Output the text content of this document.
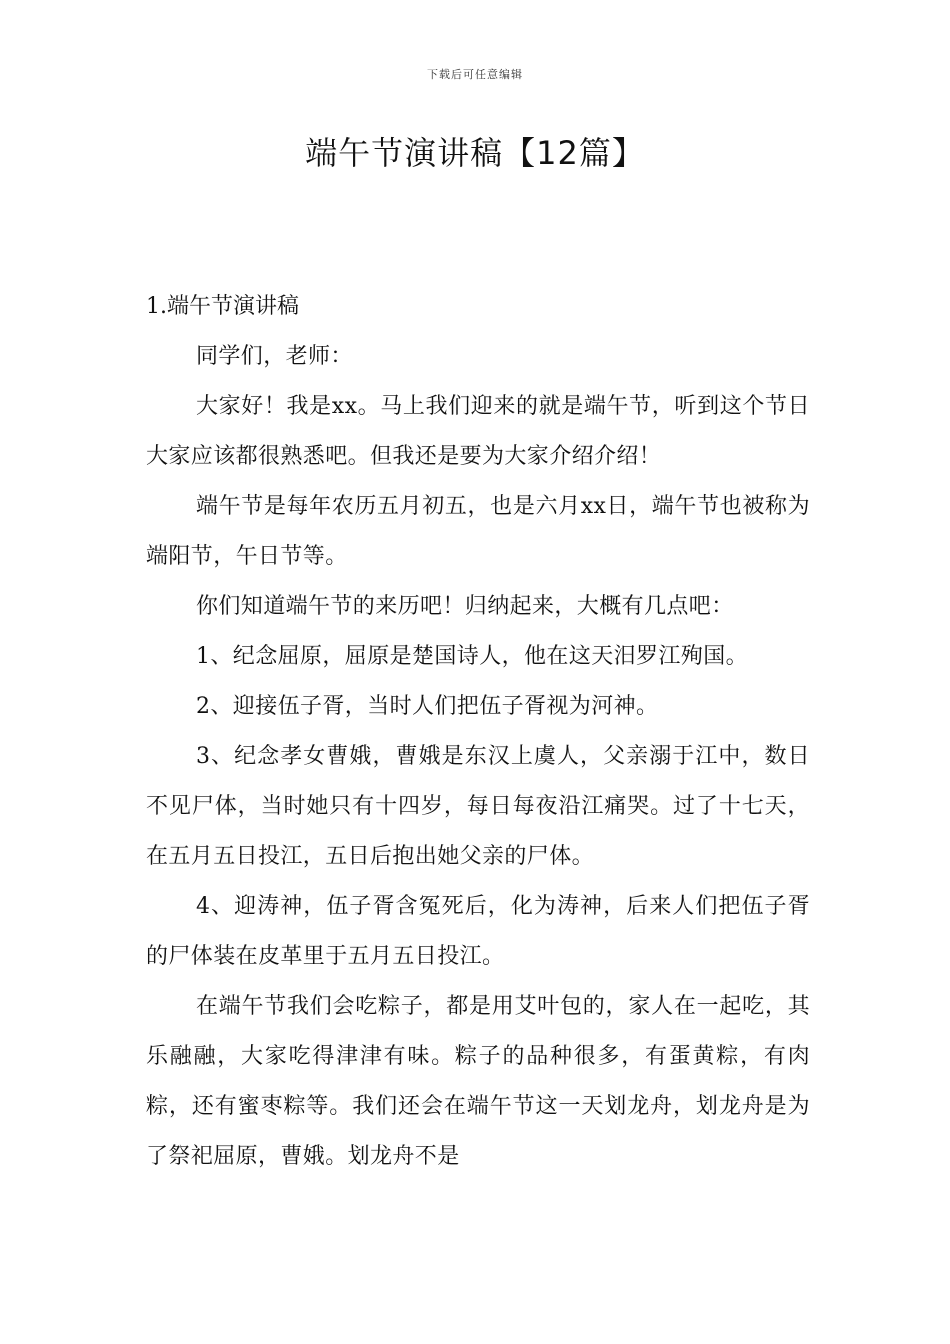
下载后可任意编辑
端午节演讲稿【12篇】

1.端午节演讲稿

同学们，老师：

大家好！我是xx。马上我们迎来的就是端午节，听到这个节日大家应该都很熟悉吧。但我还是要为大家介绍介绍！

端午节是每年农历五月初五，也是六月xx日，端午节也被称为端阳节，午日节等。

你们知道端午节的来历吧！归纳起来，大概有几点吧：

1、纪念屈原，屈原是楚国诗人，他在这天汨罗江殉国。

2、迎接伍子胥，当时人们把伍子胥视为河神。

3、纪念孝女曹娥，曹娥是东汉上虞人，父亲溺于江中，数日不见尸体，当时她只有十四岁，每日每夜沿江痛哭。过了十七天，在五月五日投江，五日后抱出她父亲的尸体。

4、迎涛神，伍子胥含冤死后，化为涛神，后来人们把伍子胥的尸体装在皮革里于五月五日投江。

在端午节我们会吃粽子，都是用艾叶包的，家人在一起吃，其乐融融，大家吃得津津有味。粽子的品种很多，有蛋黄粽，有肉粽，还有蜜枣粽等。我们还会在端午节这一天划龙舟，划龙舟是为了祭祀屈原，曹娥。划龙舟不是
